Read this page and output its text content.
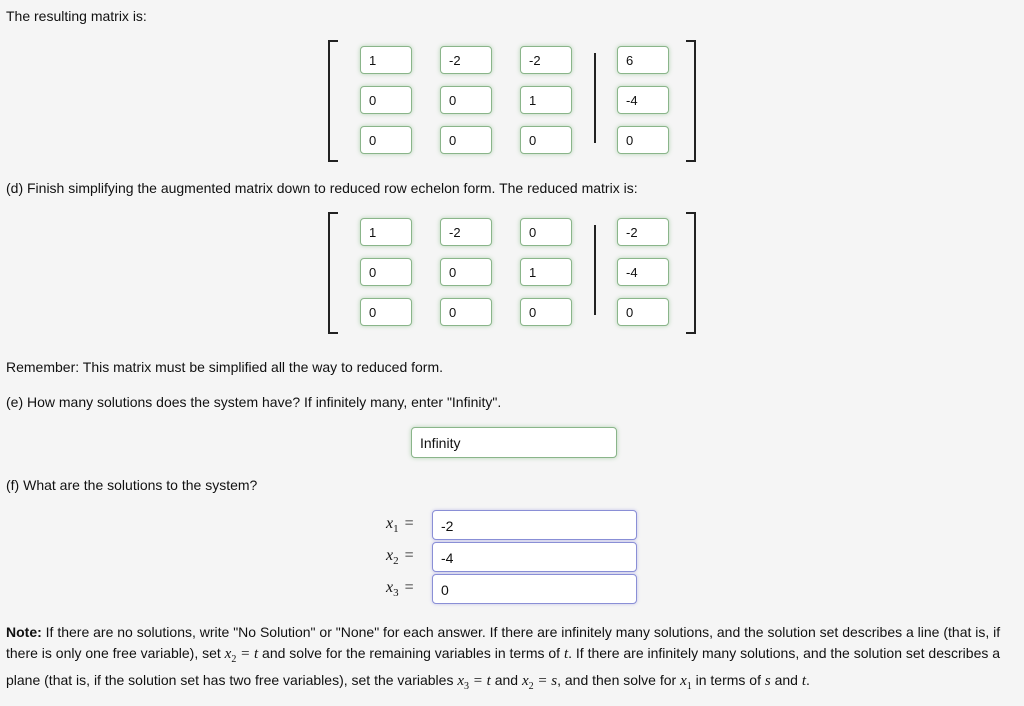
The resulting matrix is:
1	-2	-2	6
0	0	1	-4
0	0	0	0
(d) Finish simplifying the augmented matrix down to reduced row echelon form. The reduced matrix is:
1	-2	0	-2
0	0	1	-4
0	0	0	0
Remember: This matrix must be simplified all the way to reduced form.
(e) How many solutions does the system have? If infinitely many, enter "Infinity".
Infinity
(f) What are the solutions to the system?
$x_1$ =	-2
$x_2$ =	-4
$x_3$ =	0
Note: If there are no solutions, write "No Solution" or "None" for each answer. If there are infinitely many solutions, and the solution set describes a line (that is, if there is only one free variable), set $x_2 = t$ and solve for the remaining variables in terms of t. If there are infinitely many solutions, and the solution set describes a plane (that is, if the solution set has two free variables), set the variables $x_3 = t$ and $x_2 = s$, and then solve for $x_1$ in terms of s and t.
